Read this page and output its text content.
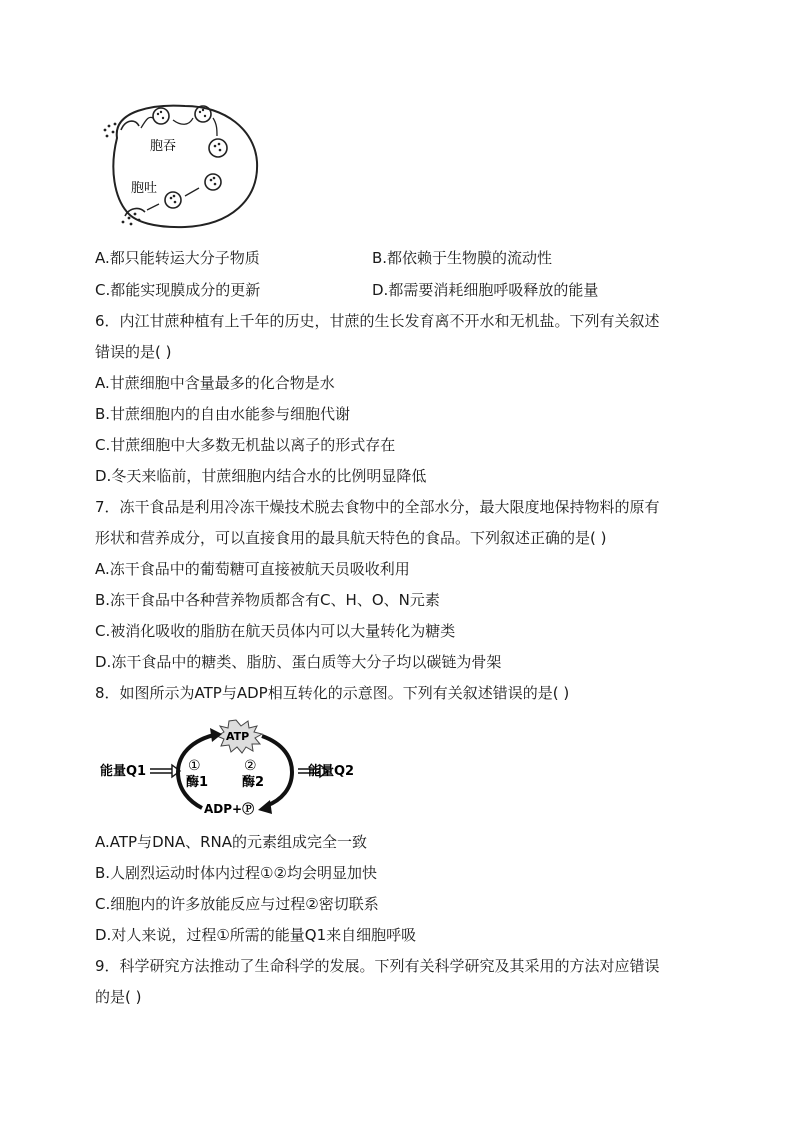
胞吞
胞吐
A.都只能转运大分子物质	B.都依赖于生物膜的流动性
C.都能实现膜成分的更新	D.都需要消耗细胞呼吸释放的能量
6．内江甘蔗种植有上千年的历史，甘蔗的生长发育离不开水和无机盐。下列有关叙述
错误的是( )
A.甘蔗细胞中含量最多的化合物是水
B.甘蔗细胞内的自由水能参与细胞代谢
C.甘蔗细胞中大多数无机盐以离子的形式存在
D.冬天来临前，甘蔗细胞内结合水的比例明显降低
7．冻干食品是利用冷冻干燥技术脱去食物中的全部水分，最大限度地保持物料的原有
形状和营养成分，可以直接食用的最具航天特色的食品。下列叙述正确的是( )
A.冻干食品中的葡萄糖可直接被航天员吸收利用
B.冻干食品中各种营养物质都含有C、H、O、N元素
C.被消化吸收的脂肪在航天员体内可以大量转化为糖类
D.冻干食品中的糖类、脂肪、蛋白质等大分子均以碳链为骨架
8．如图所示为ATP与ADP相互转化的示意图。下列有关叙述错误的是( )
ATP
能量Q1	能量Q2
①
酶1
②
酶2
ADP+Ⓟ
A.ATP与DNA、RNA的元素组成完全一致
B.人剧烈运动时体内过程①②均会明显加快
C.细胞内的许多放能反应与过程②密切联系
D.对人来说，过程①所需的能量Q1来自细胞呼吸
9．科学研究方法推动了生命科学的发展。下列有关科学研究及其采用的方法对应错误
的是( )
